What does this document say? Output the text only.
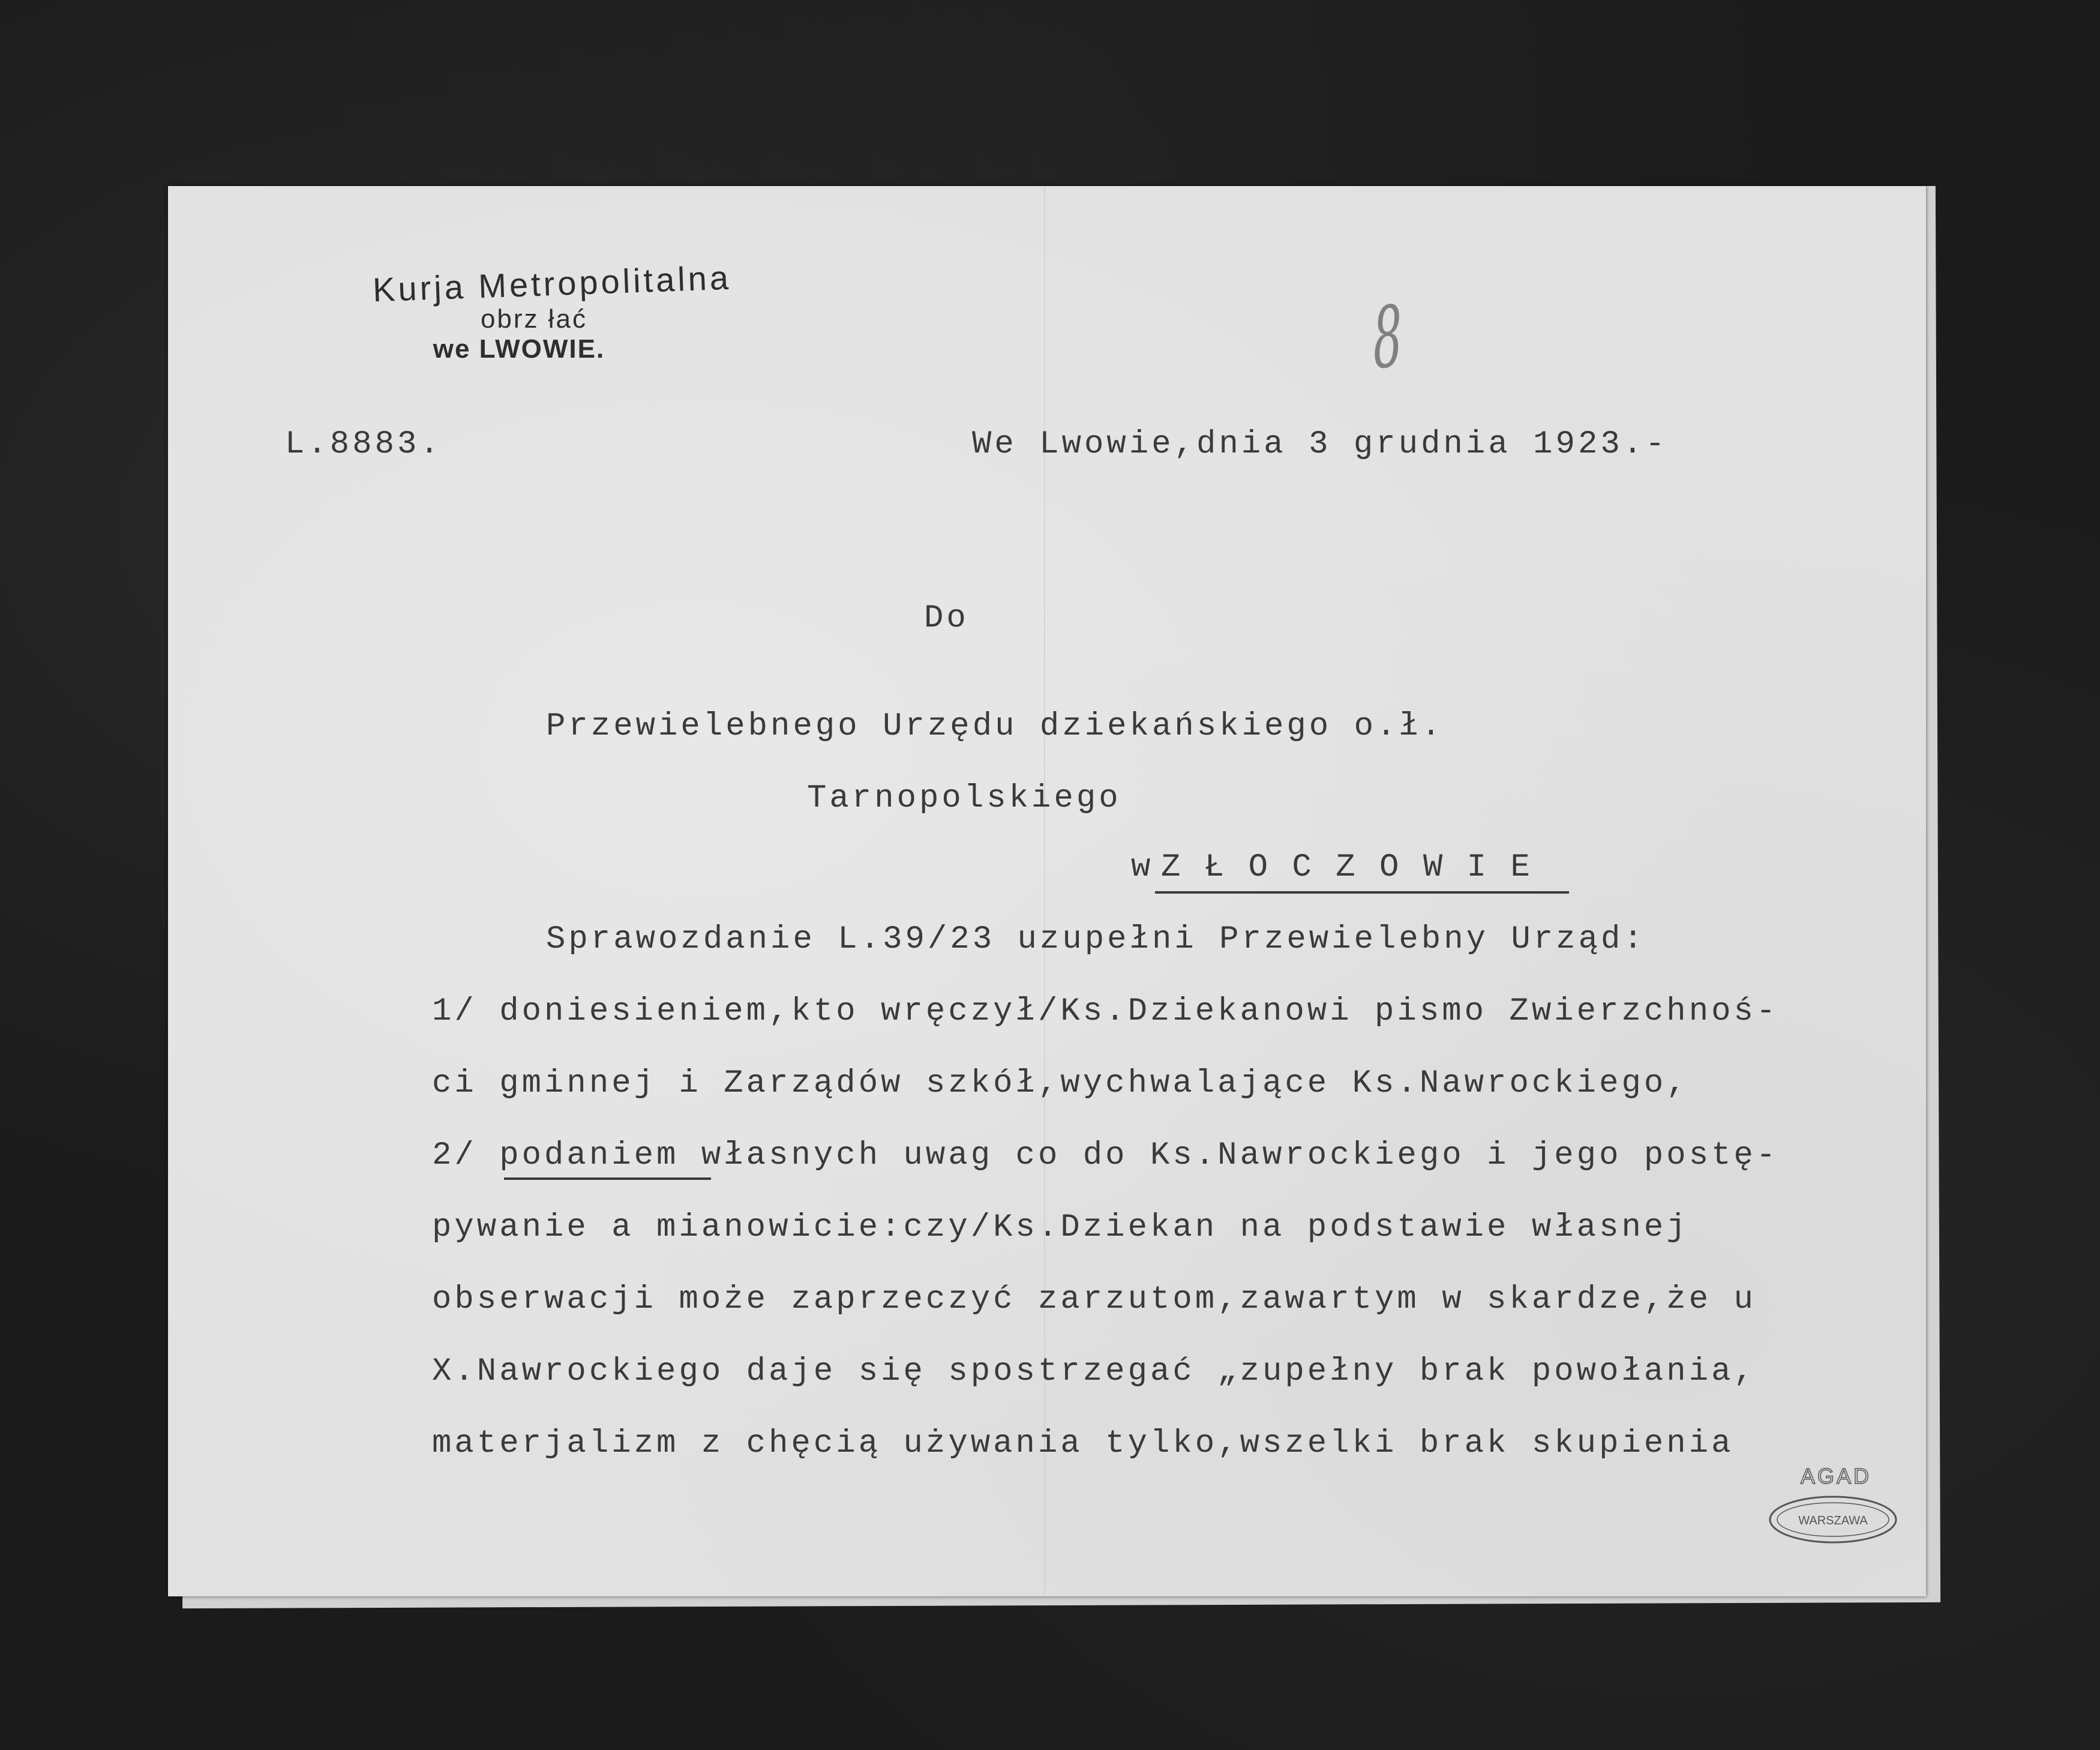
Kurja Metropolitalna
obrz łać
we LWOWIE.	8
L.8883.	We Lwowie,dnia 3 grudnia 1923.-
Do
Przewielebnego Urzędu dziekańskiego o.ł.
Tarnopolskiego
w Z Ł O C Z O W I E
Sprawozdanie L.39/23 uzupełni Przewielebny Urząd:
1/ doniesieniem,kto wręczył/Ks.Dziekanowi pismo Zwierzchnoś-
ci gminnej i Zarządów szkół,wychwalające Ks.Nawrockiego,
2/ podaniem własnych uwag co do Ks.Nawrockiego i jego postę-
pywanie a mianowicie:czy/Ks.Dziekan na podstawie własnej
obserwacji może zaprzeczyć zarzutom,zawartym w skardze,że u
X.Nawrockiego daje się spostrzegać „zupełny brak powołania,
materjalizm z chęcią używania tylko,wszelki brak skupienia
AGAD
WARSZAWA
